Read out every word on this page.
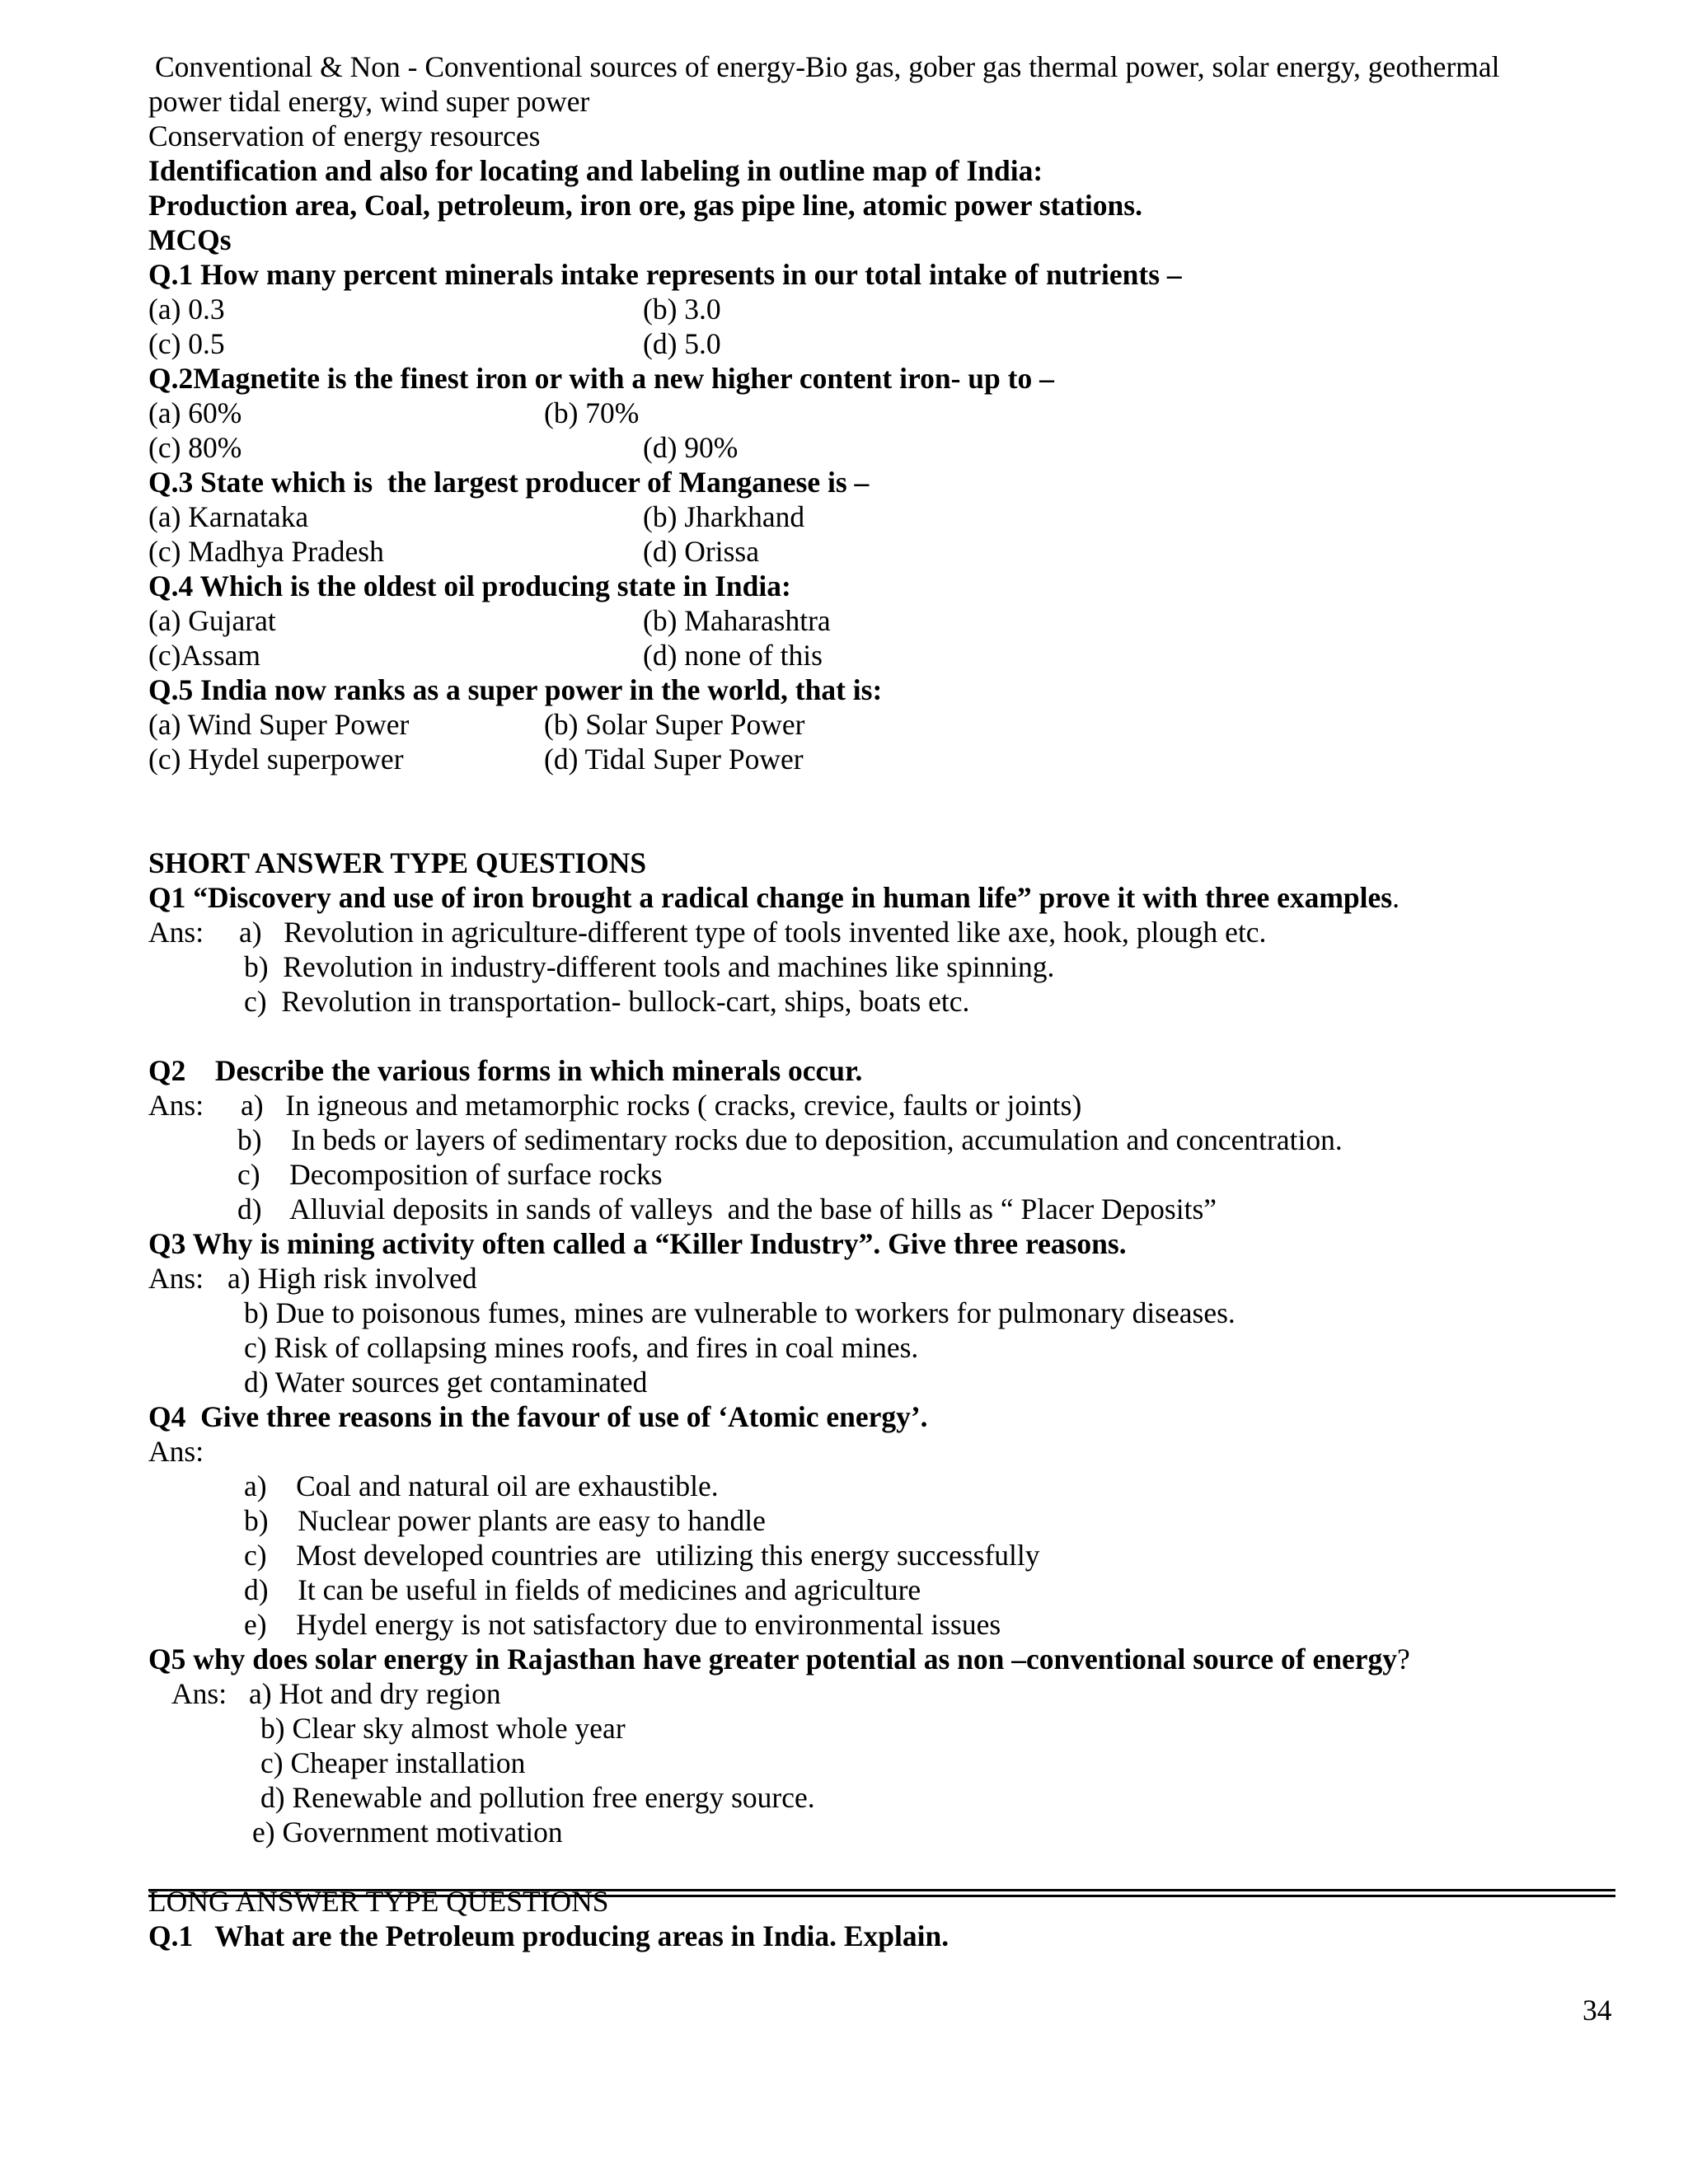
Conventional & Non - Conventional sources of energy-Bio gas, gober gas thermal power, solar energy, geothermal
power tidal energy, wind super power
Conservation of energy resources
Identification and also for locating and labeling in outline map of India:
Production area, Coal, petroleum, iron ore, gas pipe line, atomic power stations.
MCQs
Q.1 How many percent minerals intake represents in our total intake of nutrients –
(a) 0.3	(b) 3.0
(c) 0.5	(d) 5.0
Q.2Magnetite is the finest iron or with a new higher content iron- up to –
(a) 60%	(b) 70%
(c) 80%	(d) 90%
Q.3 State which is  the largest producer of Manganese is –
(a) Karnataka	(b) Jharkhand
(c) Madhya Pradesh	(d) Orissa
Q.4 Which is the oldest oil producing state in India:
(a) Gujarat	(b) Maharashtra
(c)Assam	(d) none of this
Q.5 India now ranks as a super power in the world, that is:
(a) Wind Super Power	(b) Solar Super Power
(c) Hydel superpower	(d) Tidal Super Power
SHORT ANSWER TYPE QUESTIONS
Q1 “Discovery and use of iron brought a radical change in human life” prove it with three examples.
Ans: a)   Revolution in agriculture-different type of tools invented like axe, hook, plough etc.
b)  Revolution in industry-different tools and machines like spinning.
c)  Revolution in transportation- bullock-cart, ships, boats etc.
Q2    Describe the various forms in which minerals occur.
Ans: a)   In igneous and metamorphic rocks ( cracks, crevice, faults or joints)
b)    In beds or layers of sedimentary rocks due to deposition, accumulation and concentration.
c)    Decomposition of surface rocks
d)    Alluvial deposits in sands of valleys  and the base of hills as “ Placer Deposits”
Q3 Why is mining activity often called a “Killer Industry”. Give three reasons.
Ans: a) High risk involved
b) Due to poisonous fumes, mines are vulnerable to workers for pulmonary diseases.
c) Risk of collapsing mines roofs, and fires in coal mines.
d) Water sources get contaminated
Q4  Give three reasons in the favour of use of ‘Atomic energy’.
Ans:
a)    Coal and natural oil are exhaustible.
b)    Nuclear power plants are easy to handle
c)    Most developed countries are  utilizing this energy successfully
d)    It can be useful in fields of medicines and agriculture
e)    Hydel energy is not satisfactory due to environmental issues
Q5 why does solar energy in Rajasthan have greater potential as non –conventional source of energy?
Ans: a) Hot and dry region
b) Clear sky almost whole year
c) Cheaper installation
d) Renewable and pollution free energy source.
e) Government motivation
LONG ANSWER TYPE QUESTIONS
Q.1   What are the Petroleum producing areas in India. Explain.
34
